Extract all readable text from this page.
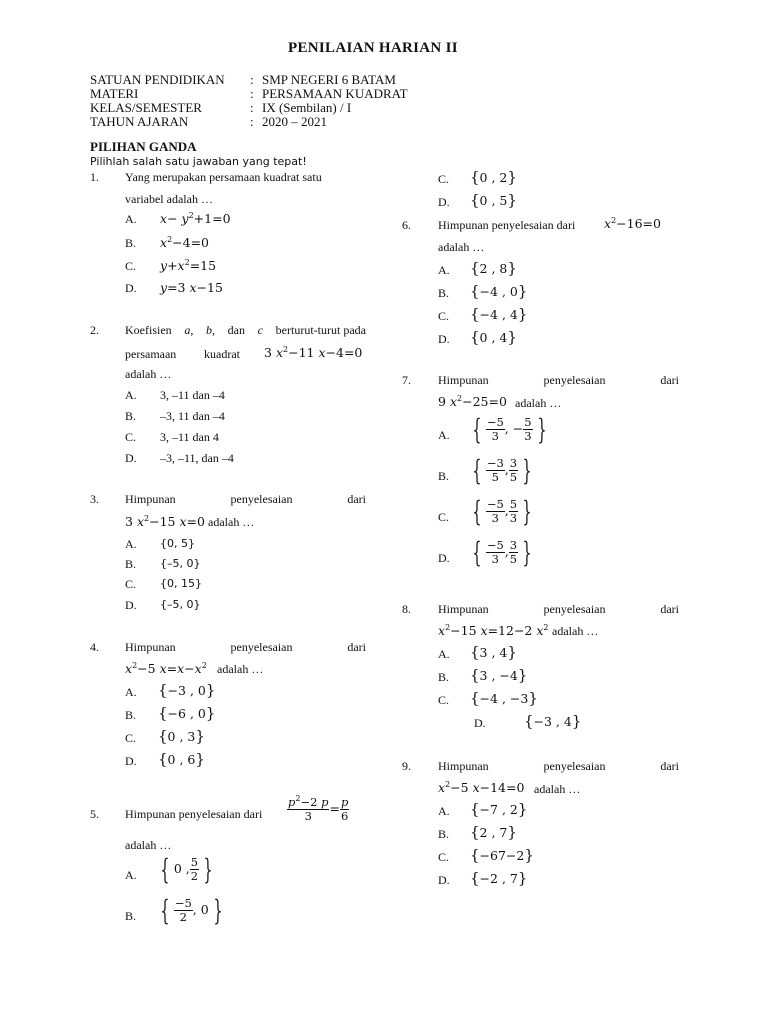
PENILAIAN HARIAN II
SATUAN PENDIDIKAN : SMP NEGERI 6 BATAM
MATERI	: PERSAMAAN KUADRAT
KELAS/SEMESTER	: IX (Sembilan) / I
TAHUN AJARAN	: 2020 – 2021
PILIHAN GANDA
Pilihlah salah satu jawaban yang tepat!
1. Yang merupakan persamaan kuadrat satu
variabel adalah …
A. $x- y^2+1=0$
B. $x^2-4=0$
C. $y+x^2=15$
D. y=3 x−15
2. Koefisien a, b, dan c berturut-turut pada
persamaan kuadrat 3 $x^2-11$ x−4=0
adalah …
A. 3, –11 dan –4
B. –3, 11 dan –4
C. 3, –11 dan 4
D. –3, –11, dan –4
3. Himpunan	penyelesaian	dari
3 $x^2-15$ x=0 adalah …
A. {0, 5}
B. {–5, 0}
C. {0, 15}
D. {–5, 0}
4. Himpunan	penyelesaian	dari
$x^2-5$ $x=x-x^2$ adalah …
A. {−3 , 0}
B. {−6 , 0}
C. {0 , 3}
D. {0 , 6}
5. Himpunan penyelesaian dari $\frac{p^2-2 p}{3} = \frac{p}{6}$
adalah …
A. { 0 , $\frac{5}{2}$ }
B. { $\frac{-5}{2}$ , 0 }
C. {0 , 2}
D. {0 , 5}
6. Himpunan penyelesaian dari $x^2-16=0$
adalah …
A. {2 , 8}
B. {−4 , 0}
C. {−4 , 4}
D. {0 , 4}
7. Himpunan	penyelesaian	dari
9 $x^2-25=0$ adalah …
A. { $\frac{-5}{3}$ , − $\frac{5}{3}$ }
B. { $\frac{-3}{5}$ , $\frac{3}{5}$ }
C. { $\frac{-5}{3}$ , $\frac{5}{3}$ }
D. { $\frac{-5}{3}$ , $\frac{3}{5}$ }
8. Himpunan	penyelesaian	dari
$x^2-15$ x=12−2 $x^2$ adalah …
A. {3 , 4}
B. {3 , −4}
C. {−4 , −3}
D.	{−3 , 4}
9. Himpunan	penyelesaian	dari
$x^2-5$ x−14=0 adalah …
A. {−7 , 2}
B. {2 , 7}
C. {−67−2}
D. {−2 , 7}
